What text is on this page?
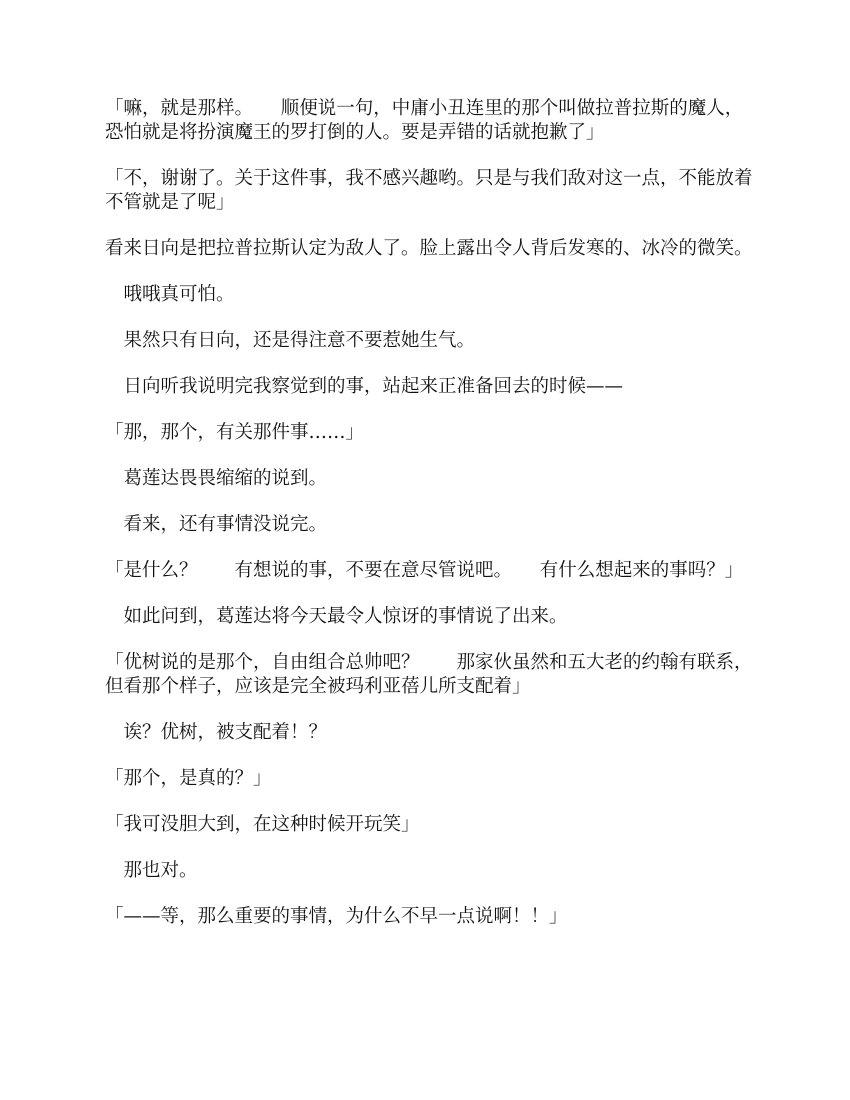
「嘛，就是那样。　　顺便说一句，中庸小丑连里的那个叫做拉普拉斯的魔人，恐怕就是将扮演魔王的罗打倒的人。要是弄错的话就抱歉了」

「不，谢谢了。关于这件事，我不感兴趣哟。只是与我们敌对这一点，不能放着不管就是了呢」

看来日向是把拉普拉斯认定为敌人了。脸上露出令人背后发寒的、冰冷的微笑。

　哦哦真可怕。

　果然只有日向，还是得注意不要惹她生气。

　日向听我说明完我察觉到的事，站起来正准备回去的时候——

「那，那个，有关那件事……」

　葛莲达畏畏缩缩的说到。

　看来，还有事情没说完。

「是什么？　　有想说的事，不要在意尽管说吧。　　有什么想起来的事吗？」

　如此问到，葛莲达将今天最令人惊讶的事情说了出来。

「优树说的是那个，自由组合总帅吧？　　那家伙虽然和五大老的约翰有联系，但看那个样子，应该是完全被玛利亚蓓儿所支配着」

　诶？优树，被支配着！？

「那个，是真的？」

「我可没胆大到，在这种时候开玩笑」

　那也对。

「——等，那么重要的事情，为什么不早一点说啊！！」
